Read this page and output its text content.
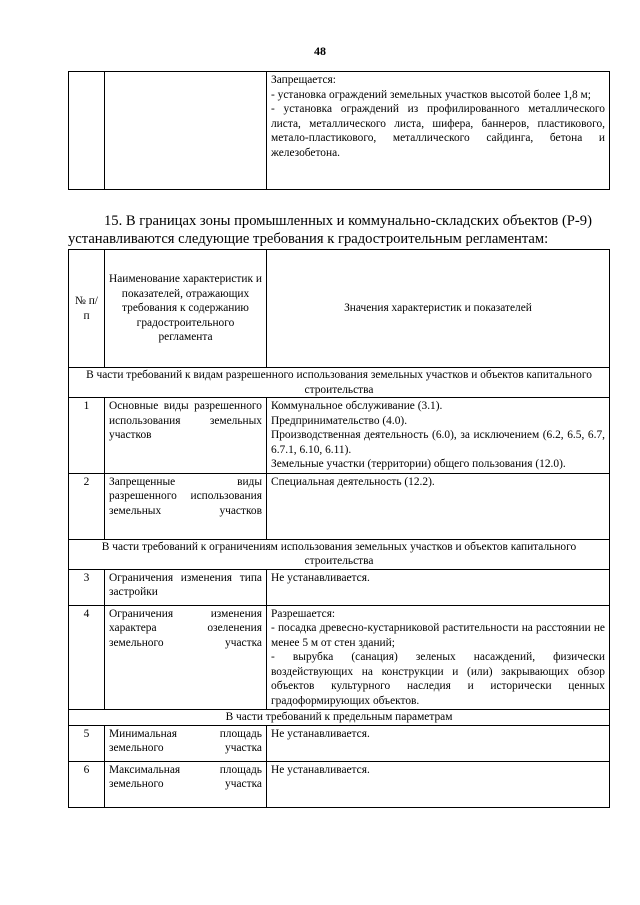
48

Запрещается:
- установка ограждений земельных участков высотой более 1,8 м;
- установка ограждений из профилированного металлического листа, металлического листа, шифера, баннеров, пластикового, метало-пластикового, металлического сайдинга, бетона и железобетона.
15. В границах зоны промышленных и коммунально-складских объектов (Р-9)
устанавливаются следующие требования к градостроительным регламентам:
№ п/п	Наименование характеристик и показателей, отражающих требования к содержанию градостроительного регламента	Значения характеристик и показателей
В части требований к видам разрешенного использования земельных участков и объектов капитального строительства		
1	Основные виды разрешенного использования земельных участков	Коммунальное обслуживание (3.1).
Предпринимательство (4.0).
Производственная деятельность (6.0), за исключением (6.2, 6.5, 6.7, 6.7.1, 6.10, 6.11).
Земельные участки (территории) общего пользования (12.0).

2	Запрещенные виды разрешенного использования земельных участков	Специальная деятельность (12.2).

В части требований к ограничениям использования земельных участков и объектов капитального строительства		
3	Ограничения изменения типа застройки	Не устанавливается.

4	Ограничения изменения характера озеленения земельного участка	Разрешается:
- посадка древесно-кустарниковой растительности на расстоянии не менее 5 м от стен зданий;
- вырубка (санация) зеленых насаждений, физически воздействующих на конструкции и (или) закрывающих обзор объектов культурного наследия и исторически ценных градоформирующих объектов.

В части требований к предельным параметрам		
5	Минимальная площадь земельного участка	Не устанавливается.

6	Максимальная площадь земельного участка	Не устанавливается.
